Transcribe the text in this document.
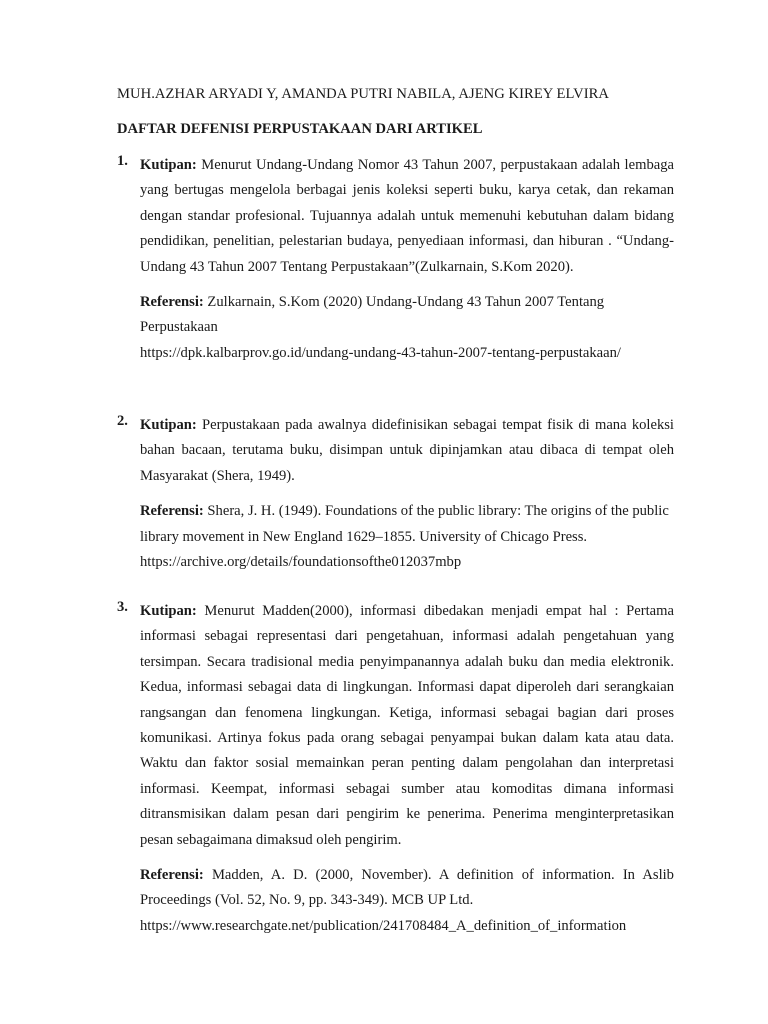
MUH.AZHAR ARYADI Y, AMANDA PUTRI NABILA, AJENG KIREY ELVIRA
DAFTAR DEFENISI PERPUSTAKAAN DARI ARTIKEL
1. Kutipan: Menurut Undang-Undang Nomor 43 Tahun 2007, perpustakaan adalah lembaga yang bertugas mengelola berbagai jenis koleksi seperti buku, karya cetak, dan rekaman dengan standar profesional. Tujuannya adalah untuk memenuhi kebutuhan dalam bidang pendidikan, penelitian, pelestarian budaya, penyediaan informasi, dan hiburan . “Undang-Undang 43 Tahun 2007 Tentang Perpustakaan”(Zulkarnain, S.Kom 2020).
Referensi: Zulkarnain, S.Kom (2020) Undang-Undang 43 Tahun 2007 Tentang Perpustakaan
https://dpk.kalbarprov.go.id/undang-undang-43-tahun-2007-tentang-perpustakaan/
2. Kutipan: Perpustakaan pada awalnya didefinisikan sebagai tempat fisik di mana koleksi bahan bacaan, terutama buku, disimpan untuk dipinjamkan atau dibaca di tempat oleh Masyarakat (Shera, 1949).
Referensi: Shera, J. H. (1949). Foundations of the public library: The origins of the public library movement in New England 1629–1855. University of Chicago Press.
https://archive.org/details/foundationsofthe012037mbp
3. Kutipan: Menurut Madden(2000), informasi dibedakan menjadi empat hal : Pertama informasi sebagai representasi dari pengetahuan, informasi adalah pengetahuan yang tersimpan. Secara tradisional media penyimpanannya adalah buku dan media elektronik. Kedua, informasi sebagai data di lingkungan. Informasi dapat diperoleh dari serangkaian rangsangan dan fenomena lingkungan. Ketiga, informasi sebagai bagian dari proses komunikasi. Artinya fokus pada orang sebagai penyampai bukan dalam kata atau data. Waktu dan faktor sosial memainkan peran penting dalam pengolahan dan interpretasi informasi. Keempat, informasi sebagai sumber atau komoditas dimana informasi ditransmisikan dalam pesan dari pengirim ke penerima. Penerima menginterpretasikan pesan sebagaimana dimaksud oleh pengirim.
Referensi: Madden, A. D. (2000, November). A definition of information. In Aslib Proceedings (Vol. 52, No. 9, pp. 343-349). MCB UP Ltd.
https://www.researchgate.net/publication/241708484_A_definition_of_information
